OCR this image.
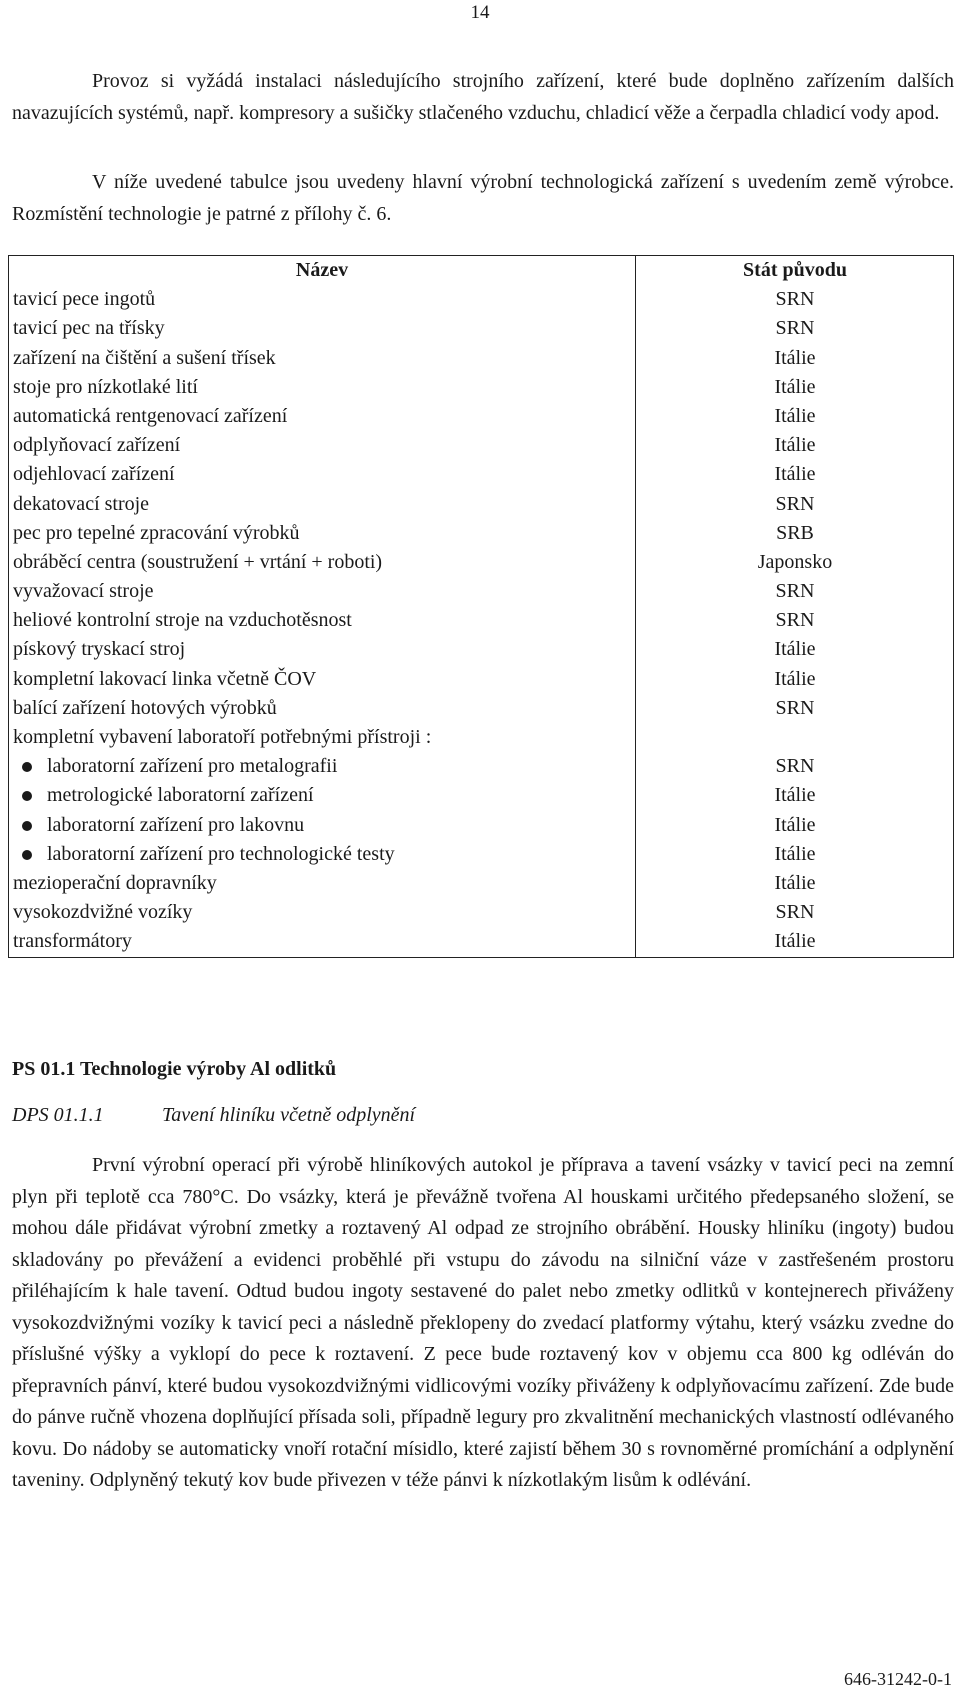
14

Provoz si vyžádá instalaci následujícího strojního zařízení, které bude doplněno zařízením dalších navazujících systémů, např. kompresory a sušičky stlačeného vzduchu, chladicí věže a čerpadla chladicí vody apod.

V níže uvedené tabulce jsou uvedeny hlavní výrobní technologická zařízení s uvedením země výrobce. Rozmístění technologie je patrné z přílohy č. 6.

Název	Stát původu
tavicí pece ingotů	SRN
tavicí pec na třísky	SRN
zařízení na čištění a sušení třísek	Itálie
stoje pro nízkotlaké lití	Itálie
automatická rentgenovací zařízení	Itálie
odplyňovací zařízení	Itálie
odjehlovací zařízení	Itálie
dekatovací stroje	SRN
pec pro tepelné zpracování výrobků	SRB
obráběcí centra (soustružení + vrtání + roboti)	Japonsko
vyvažovací stroje	SRN
heliové kontrolní stroje na vzduchotěsnost	SRN
pískový tryskací stroj	Itálie
kompletní lakovací linka včetně ČOV	Itálie
balící zařízení hotových výrobků	SRN
kompletní vybavení laboratoří potřebnými přístroji :
laboratorní zařízení pro metalografii	SRN
metrologické laboratorní zařízení	Itálie
laboratorní zařízení pro lakovnu	Itálie
laboratorní zařízení pro technologické testy	Itálie
mezioperační dopravníky	Itálie
vysokozdvižné vozíky	SRN
transformátory	Itálie
PS 01.1 Technologie výroby Al odlitků
DPS 01.1.1	Tavení hliníku včetně odplynění

První výrobní operací při výrobě hliníkových autokol je příprava a tavení vsázky v tavicí peci na zemní plyn při teplotě cca 780°C. Do vsázky, která je převážně tvořena Al houskami určitého předepsaného složení, se mohou dále přidávat výrobní zmetky a roztavený Al odpad ze strojního obrábění. Housky hliníku (ingoty) budou skladovány po převážení a evidenci proběhlé při vstupu do závodu na silniční váze v zastřešeném prostoru přiléhajícím k hale tavení. Odtud budou ingoty sestavené do palet nebo zmetky odlitků v kontejnerech přiváženy vysokozdvižnými vozíky k tavicí peci a následně překlopeny do zvedací platformy výtahu, který vsázku zvedne do příslušné výšky a vyklopí do pece k roztavení. Z pece bude roztavený kov v objemu cca 800 kg odléván do přepravních pánví, které budou vysokozdvižnými vidlicovými vozíky přiváženy k odplyňovacímu zařízení. Zde bude do pánve ručně vhozena doplňující přísada soli, případně legury pro zkvalitnění mechanických vlastností odlévaného kovu. Do nádoby se automaticky vnoří rotační mísidlo, které zajistí během 30 s rovnoměrné promíchání a odplynění taveniny. Odplyněný tekutý kov bude přivezen v téže pánvi k nízkotlakým lisům k odlévání.

646-31242-0-1
